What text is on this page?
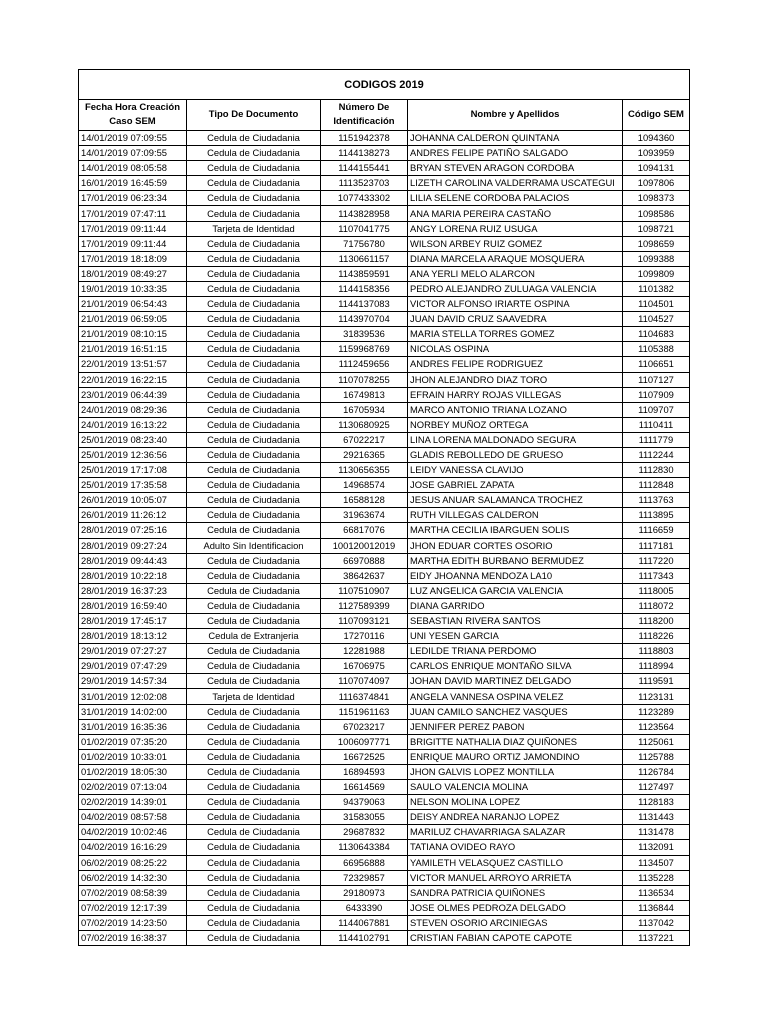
CODIGOS 2019				
Fecha Hora Creación Caso SEM	Tipo De Documento	Número De Identificación	Nombre y Apellidos	Código SEM
14/01/2019 07:09:55	Cedula de Ciudadania	1151942378	JOHANNA CALDERON QUINTANA	1094360
14/01/2019 07:09:55	Cedula de Ciudadania	1144138273	ANDRES FELIPE PATIÑO SALGADO	1093959
14/01/2019 08:05:58	Cedula de Ciudadania	1144155441	BRYAN STEVEN ARAGON CORDOBA	1094131
16/01/2019 16:45:59	Cedula de Ciudadania	1113523703	LIZETH CAROLINA VALDERRAMA USCATEGUI	1097806
17/01/2019 06:23:34	Cedula de Ciudadania	1077433302	LILIA SELENE CORDOBA PALACIOS	1098373
17/01/2019 07:47:11	Cedula de Ciudadania	1143828958	ANA MARIA PEREIRA CASTAÑO	1098586
17/01/2019 09:11:44	Tarjeta de Identidad	1107041775	ANGY LORENA RUIZ USUGA	1098721
17/01/2019 09:11:44	Cedula de Ciudadania	71756780	WILSON ARBEY RUIZ GOMEZ	1098659
17/01/2019 18:18:09	Cedula de Ciudadania	1130661157	DIANA MARCELA ARAQUE MOSQUERA	1099388
18/01/2019 08:49:27	Cedula de Ciudadania	1143859591	ANA YERLI MELO ALARCON	1099809
19/01/2019 10:33:35	Cedula de Ciudadania	1144158356	PEDRO ALEJANDRO ZULUAGA VALENCIA	1101382
21/01/2019 06:54:43	Cedula de Ciudadania	1144137083	VICTOR ALFONSO IRIARTE OSPINA	1104501
21/01/2019 06:59:05	Cedula de Ciudadania	1143970704	JUAN DAVID CRUZ SAAVEDRA	1104527
21/01/2019 08:10:15	Cedula de Ciudadania	31839536	MARIA STELLA TORRES GOMEZ	1104683
21/01/2019 16:51:15	Cedula de Ciudadania	1159968769	NICOLAS OSPINA	1105388
22/01/2019 13:51:57	Cedula de Ciudadania	1112459656	ANDRES FELIPE RODRIGUEZ	1106651
22/01/2019 16:22:15	Cedula de Ciudadania	1107078255	JHON ALEJANDRO DIAZ TORO	1107127
23/01/2019 06:44:39	Cedula de Ciudadania	16749813	EFRAIN HARRY ROJAS VILLEGAS	1107909
24/01/2019 08:29:36	Cedula de Ciudadania	16705934	MARCO ANTONIO TRIANA LOZANO	1109707
24/01/2019 16:13:22	Cedula de Ciudadania	1130680925	NORBEY MUÑOZ ORTEGA	1110411
25/01/2019 08:23:40	Cedula de Ciudadania	67022217	LINA LORENA MALDONADO SEGURA	1111779
25/01/2019 12:36:56	Cedula de Ciudadania	29216365	GLADIS REBOLLEDO DE GRUESO	1112244
25/01/2019 17:17:08	Cedula de Ciudadania	1130656355	LEIDY VANESSA CLAVIJO	1112830
25/01/2019 17:35:58	Cedula de Ciudadania	14968574	JOSE GABRIEL ZAPATA	1112848
26/01/2019 10:05:07	Cedula de Ciudadania	16588128	JESUS ANUAR SALAMANCA TROCHEZ	1113763
26/01/2019 11:26:12	Cedula de Ciudadania	31963674	RUTH VILLEGAS CALDERON	1113895
28/01/2019 07:25:16	Cedula de Ciudadania	66817076	MARTHA CECILIA IBARGUEN SOLIS	1116659
28/01/2019 09:27:24	Adulto Sin Identificacion	100120012019	JHON EDUAR CORTES OSORIO	1117181
28/01/2019 09:44:43	Cedula de Ciudadania	66970888	MARTHA EDITH BURBANO BERMUDEZ	1117220
28/01/2019 10:22:18	Cedula de Ciudadania	38642637	EIDY JHOANNA MENDOZA LA10	1117343
28/01/2019 16:37:23	Cedula de Ciudadania	1107510907	LUZ ANGELICA GARCIA VALENCIA	1118005
28/01/2019 16:59:40	Cedula de Ciudadania	1127589399	DIANA GARRIDO	1118072
28/01/2019 17:45:17	Cedula de Ciudadania	1107093121	SEBASTIAN RIVERA SANTOS	1118200
28/01/2019 18:13:12	Cedula de Extranjeria	17270116	UNI YESEN GARCIA	1118226
29/01/2019 07:27:27	Cedula de Ciudadania	12281988	LEDILDE TRIANA PERDOMO	1118803
29/01/2019 07:47:29	Cedula de Ciudadania	16706975	CARLOS ENRIQUE MONTAÑO SILVA	1118994
29/01/2019 14:57:34	Cedula de Ciudadania	1107074097	JOHAN DAVID MARTINEZ DELGADO	1119591
31/01/2019 12:02:08	Tarjeta de Identidad	1116374841	ANGELA VANNESA OSPINA VELEZ	1123131
31/01/2019 14:02:00	Cedula de Ciudadania	1151961163	JUAN CAMILO SANCHEZ VASQUES	1123289
31/01/2019 16:35:36	Cedula de Ciudadania	67023217	JENNIFER PEREZ PABON	1123564
01/02/2019 07:35:20	Cedula de Ciudadania	1006097771	BRIGITTE NATHALIA DIAZ QUIÑONES	1125061
01/02/2019 10:33:01	Cedula de Ciudadania	16672525	ENRIQUE MAURO ORTIZ JAMONDINO	1125788
01/02/2019 18:05:30	Cedula de Ciudadania	16894593	JHON GALVIS LOPEZ MONTILLA	1126784
02/02/2019 07:13:04	Cedula de Ciudadania	16614569	SAULO VALENCIA MOLINA	1127497
02/02/2019 14:39:01	Cedula de Ciudadania	94379063	NELSON MOLINA LOPEZ	1128183
04/02/2019 08:57:58	Cedula de Ciudadania	31583055	DEISY ANDREA NARANJO LOPEZ	1131443
04/02/2019 10:02:46	Cedula de Ciudadania	29687832	MARILUZ CHAVARRIAGA SALAZAR	1131478
04/02/2019 16:16:29	Cedula de Ciudadania	1130643384	TATIANA OVIDEO RAYO	1132091
06/02/2019 08:25:22	Cedula de Ciudadania	66956888	YAMILETH VELASQUEZ CASTILLO	1134507
06/02/2019 14:32:30	Cedula de Ciudadania	72329857	VICTOR MANUEL ARROYO ARRIETA	1135228
07/02/2019 08:58:39	Cedula de Ciudadania	29180973	SANDRA PATRICIA QUIÑONES	1136534
07/02/2019 12:17:39	Cedula de Ciudadania	6433390	JOSE OLMES PEDROZA DELGADO	1136844
07/02/2019 14:23:50	Cedula de Ciudadania	1144067881	STEVEN OSORIO ARCINIEGAS	1137042
07/02/2019 16:38:37	Cedula de Ciudadania	1144102791	CRISTIAN FABIAN CAPOTE CAPOTE	1137221
